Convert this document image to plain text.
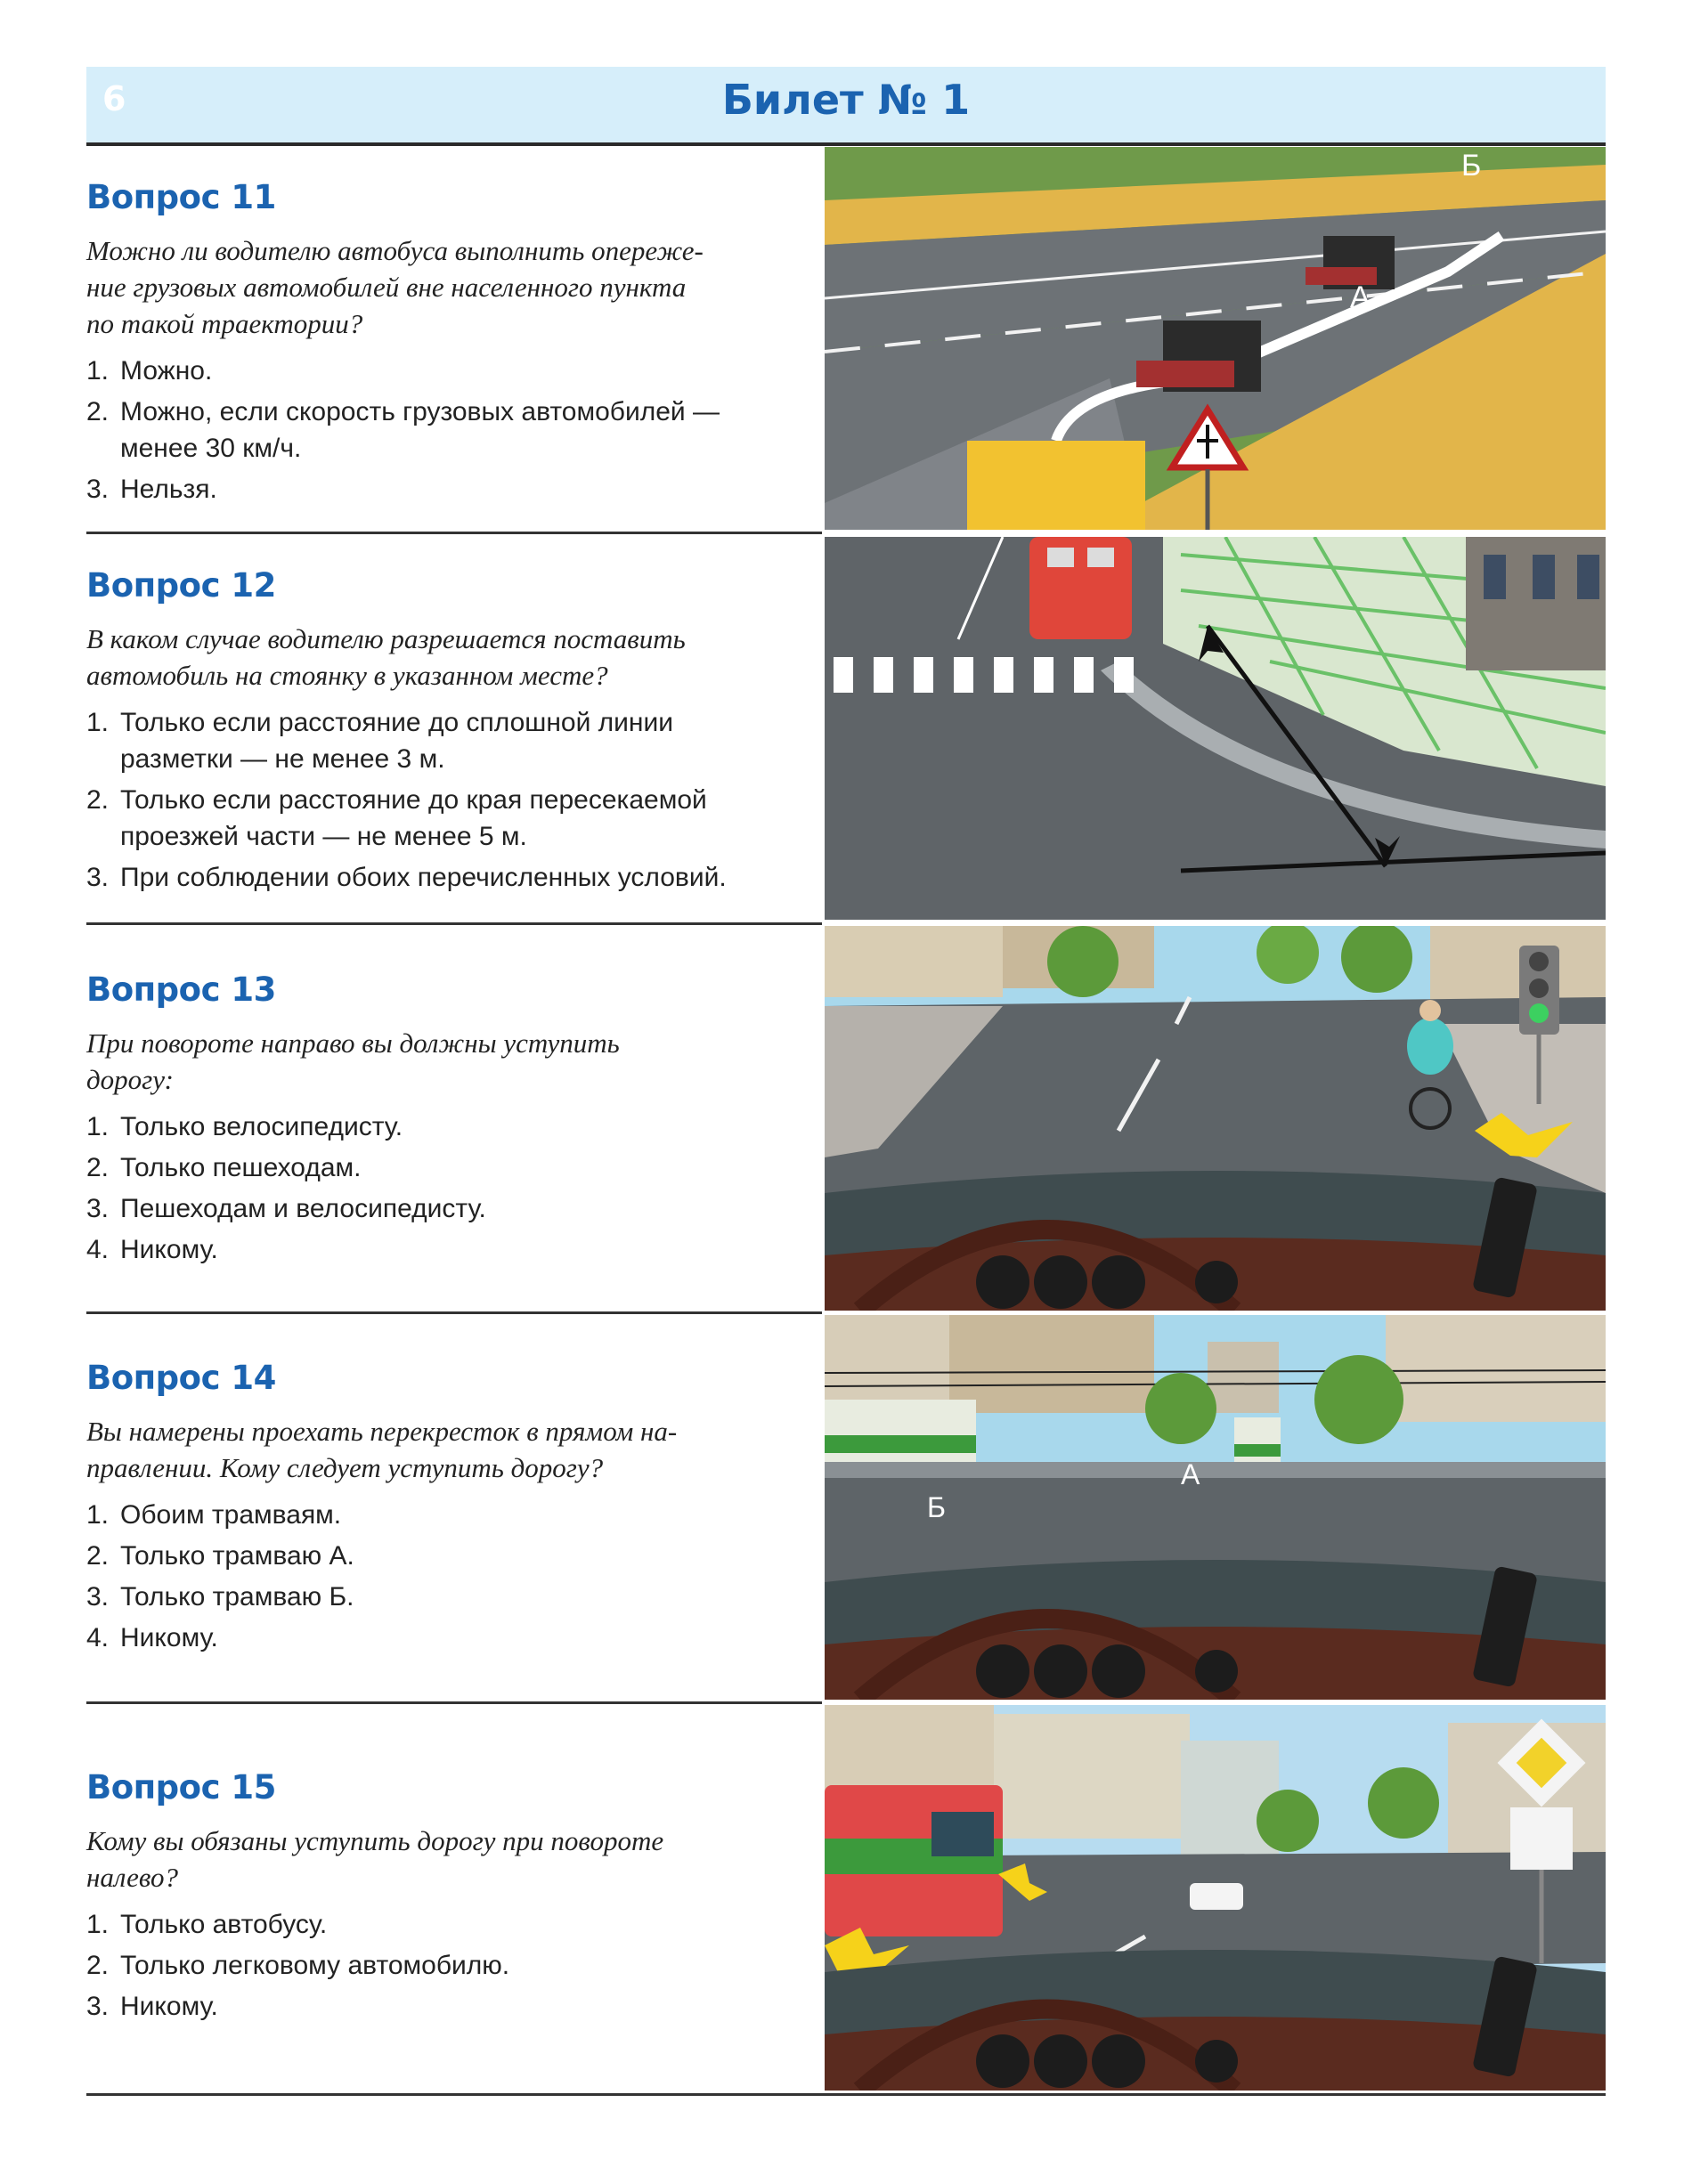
6	Билет № 1
Вопрос 11
Можно ли водителю автобуса выполнить опереже-
ние грузовых автомобилей вне населенного пункта
по такой траектории?
1. Можно.
2. Можно, если скорость грузовых автомобилей —
менее 30 км/ч.
3. Нельзя.
Б
А
Вопрос 12
В каком случае водителю разрешается поставить
автомобиль на стоянку в указанном месте?
1. Только если расстояние до сплошной линии
разметки — не менее 3 м.
2. Только если расстояние до края пересекаемой
проезжей части — не менее 5 м.
3. При соблюдении обоих перечисленных условий.
Вопрос 13
При повороте направо вы должны уступить
дорогу:
1. Только велосипедисту.
2. Только пешеходам.
3. Пешеходам и велосипедисту.
4. Никому.
Вопрос 14
Вы намерены проехать перекресток в прямом на-
правлении. Кому следует уступить дорогу?
1. Обоим трамваям.
2. Только трамваю А.
3. Только трамваю Б.
4. Никому.
А
Б
Вопрос 15
Кому вы обязаны уступить дорогу при повороте
налево?
1. Только автобусу.
2. Только легковому автомобилю.
3. Никому.
